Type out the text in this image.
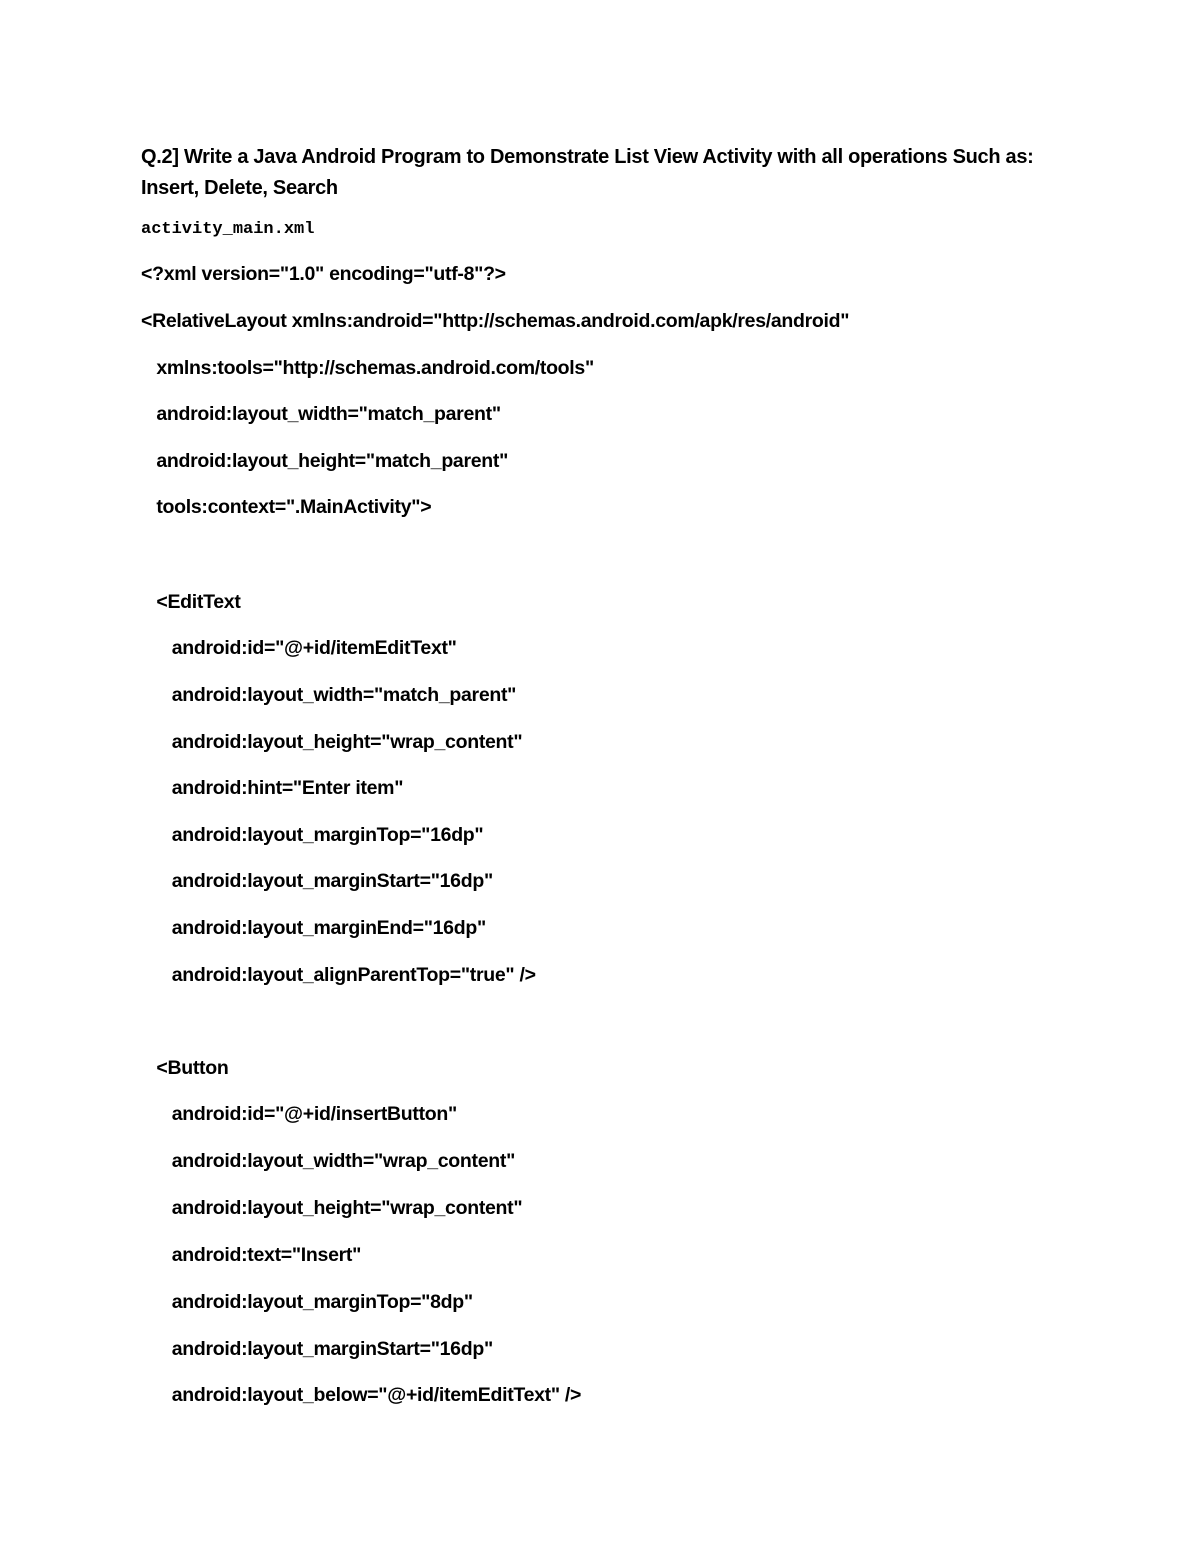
Q.2] Write a Java Android Program to Demonstrate List View Activity with all operations Such as: Insert, Delete, Search
activity_main.xml
<?xml version="1.0" encoding="utf-8"?>
<RelativeLayout xmlns:android="http://schemas.android.com/apk/res/android"
xmlns:tools="http://schemas.android.com/tools"
android:layout_width="match_parent"
android:layout_height="match_parent"
tools:context=".MainActivity">
<EditText
android:id="@+id/itemEditText"
android:layout_width="match_parent"
android:layout_height="wrap_content"
android:hint="Enter item"
android:layout_marginTop="16dp"
android:layout_marginStart="16dp"
android:layout_marginEnd="16dp"
android:layout_alignParentTop="true" />
<Button
android:id="@+id/insertButton"
android:layout_width="wrap_content"
android:layout_height="wrap_content"
android:text="Insert"
android:layout_marginTop="8dp"
android:layout_marginStart="16dp"
android:layout_below="@+id/itemEditText" />
